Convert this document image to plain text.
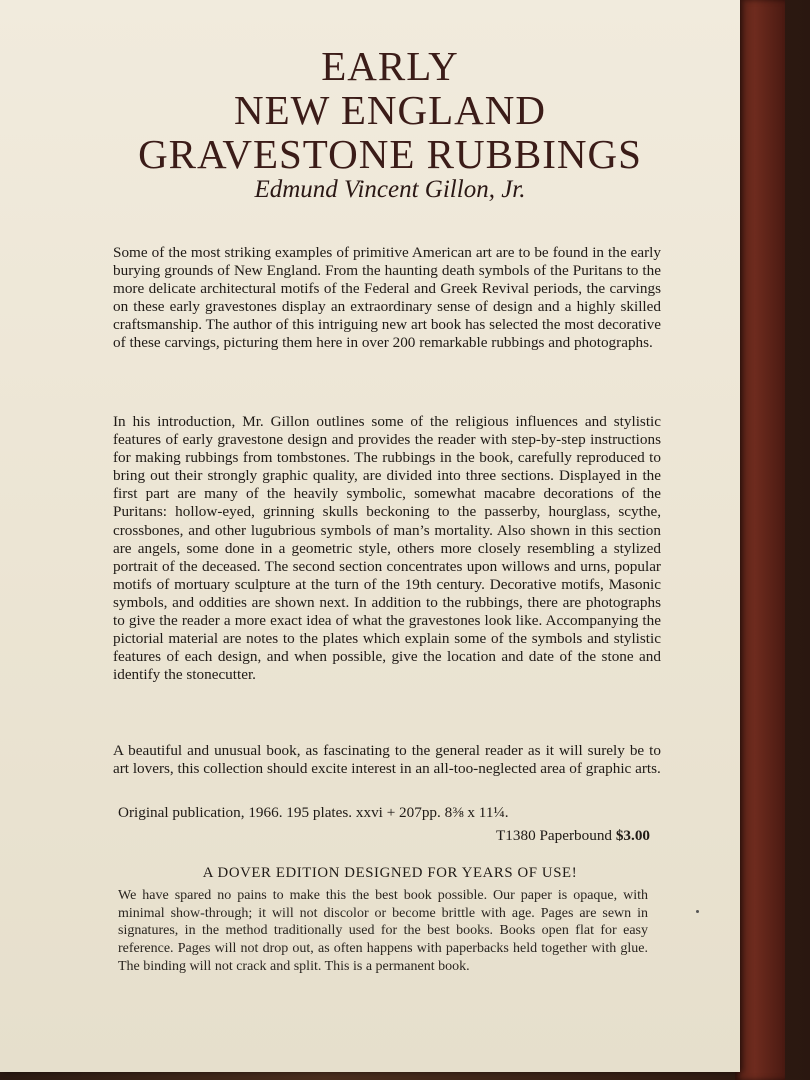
EARLY
NEW ENGLAND
GRAVESTONE RUBBINGS
Edmund Vincent Gillon, Jr.

Some of the most striking examples of primitive American art are to be found in the early burying grounds of New England. From the haunting death symbols of the Puritans to the more delicate architectural motifs of the Federal and Greek Revival periods, the carvings on these early gravestones display an extraordinary sense of design and a highly skilled craftsmanship. The author of this intriguing new art book has selected the most decorative of these carvings, picturing them here in over 200 remarkable rubbings and photographs.

In his introduction, Mr. Gillon outlines some of the religious influences and stylistic features of early gravestone design and provides the reader with step-by-step instructions for making rubbings from tombstones. The rubbings in the book, carefully reproduced to bring out their strongly graphic quality, are divided into three sections. Displayed in the first part are many of the heavily symbolic, somewhat macabre decorations of the Puritans: hollow-eyed, grinning skulls beckoning to the passerby, hourglass, scythe, crossbones, and other lugubrious symbols of man’s mortality. Also shown in this section are angels, some done in a geometric style, others more closely resembling a stylized portrait of the deceased. The second section concentrates upon willows and urns, popular motifs of mortuary sculpture at the turn of the 19th century. Decorative motifs, Masonic symbols, and oddities are shown next. In addition to the rubbings, there are photographs to give the reader a more exact idea of what the gravestones look like. Accompanying the pictorial material are notes to the plates which explain some of the symbols and stylistic features of each design, and when possible, give the location and date of the stone and identify the stonecutter.

A beautiful and unusual book, as fascinating to the general reader as it will surely be to art lovers, this collection should excite interest in an all-too-neglected area of graphic arts.

Original publication, 1966. 195 plates. xxvi + 207pp. 8⅜ x 11¼.
T1380 Paperbound $3.00
A DOVER EDITION DESIGNED FOR YEARS OF USE!
We have spared no pains to make this the best book possible. Our paper is opaque, with minimal show-through; it will not discolor or become brittle with age. Pages are sewn in signatures, in the method traditionally used for the best books. Books open flat for easy reference. Pages will not drop out, as often happens with paperbacks held together with glue. The binding will not crack and split. This is a permanent book.
